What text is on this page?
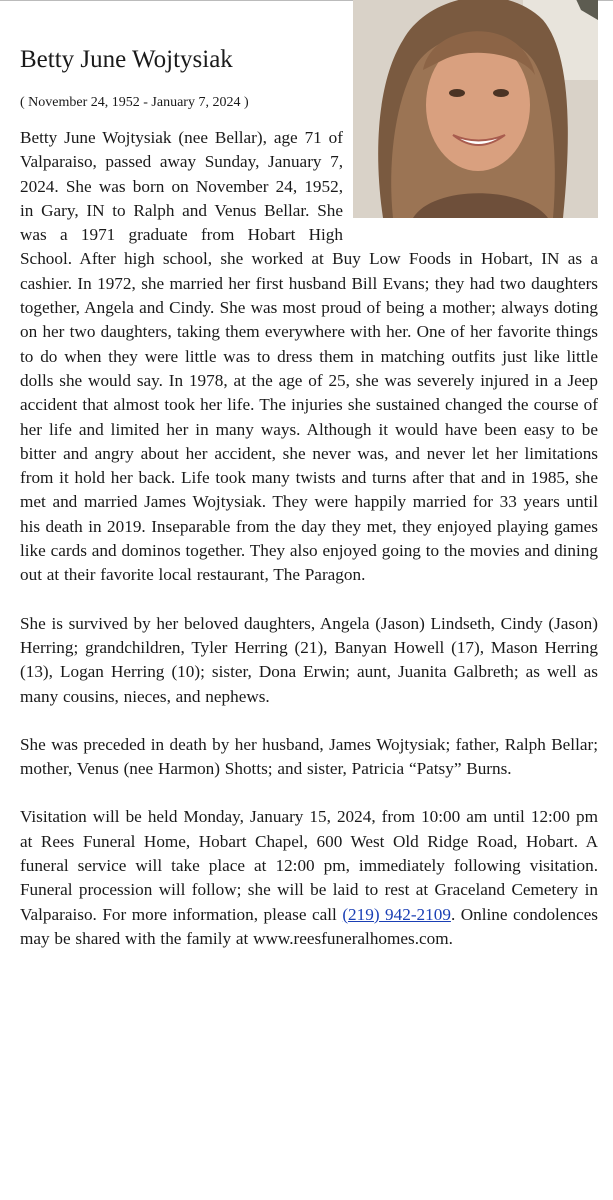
Betty June Wojtysiak
( November 24, 1952 - January 7, 2024 )

Betty June Wojtysiak (nee Bellar), age 71 of Valparaiso, passed away Sunday, January 7, 2024. She was born on November 24, 1952, in Gary, IN to Ralph and Venus Bellar. She was a 1971 graduate from Hobart High School. After high school, she worked at Buy Low Foods in Hobart, IN as a cashier. In 1972, she married her first husband Bill Evans; they had two daughters together, Angela and Cindy. She was most proud of being a mother; always doting on her two daughters, taking them everywhere with her. One of her favorite things to do when they were little was to dress them in matching outfits just like little dolls she would say. In 1978, at the age of 25, she was severely injured in a Jeep accident that almost took her life. The injuries she sustained changed the course of her life and limited her in many ways. Although it would have been easy to be bitter and angry about her accident, she never was, and never let her limitations from it hold her back. Life took many twists and turns after that and in 1985, she met and married James Wojtysiak. They were happily married for 33 years until his death in 2019. Inseparable from the day they met, they enjoyed playing games like cards and dominos together. They also enjoyed going to the movies and dining out at their favorite local restaurant, The Paragon.

She is survived by her beloved daughters, Angela (Jason) Lindseth, Cindy (Jason) Herring; grandchildren, Tyler Herring (21), Banyan Howell (17), Mason Herring (13), Logan Herring (10); sister, Dona Erwin; aunt, Juanita Galbreth; as well as many cousins, nieces, and nephews.

She was preceded in death by her husband, James Wojtysiak; father, Ralph Bellar; mother, Venus (nee Harmon) Shotts; and sister, Patricia “Patsy” Burns.

Visitation will be held Monday, January 15, 2024, from 10:00 am until 12:00 pm at Rees Funeral Home, Hobart Chapel, 600 West Old Ridge Road, Hobart. A funeral service will take place at 12:00 pm, immediately following visitation. Funeral procession will follow; she will be laid to rest at Graceland Cemetery in Valparaiso. For more information, please call (219) 942-2109. Online condolences may be shared with the family at www.reesfuneralhomes.com.
